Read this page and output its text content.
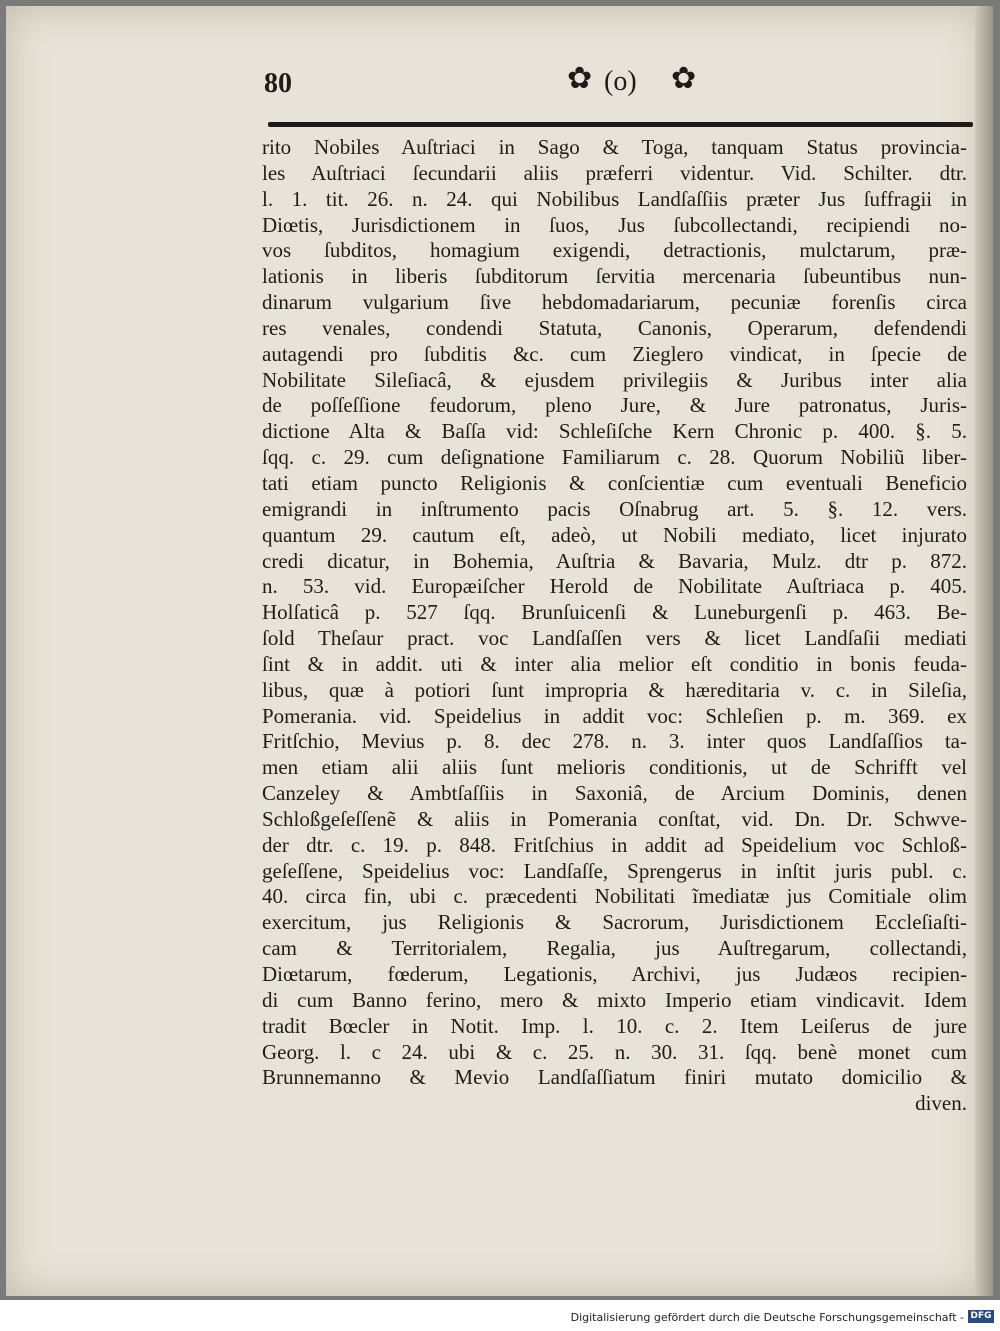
80	✿ (o) ✿
rito Nobiles Auſtriaci in Sago & Toga, tanquam Status provincia-
les Auſtriaci ſecundarii aliis præferri videntur. Vid. Schilter. dtr.
l. 1. tit. 26. n. 24. qui Nobilibus Landſaſſiis præter Jus ſuffragii in
Diœtis, Jurisdictionem in ſuos, Jus ſubcollectandi, recipiendi no-
vos ſubditos, homagium exigendi, detractionis, mulctarum, præ-
lationis in liberis ſubditorum ſervitia mercenaria ſubeuntibus nun-
dinarum vulgarium ſive hebdomadariarum, pecuniæ forenſis circa
res venales, condendi Statuta, Canonis, Operarum, defendendi
autagendi pro ſubditis &c. cum Zieglero vindicat, in ſpecie de
Nobilitate Sileſiacâ, & ejusdem privilegiis & Juribus inter alia
de poſſeſſione feudorum, pleno Jure, & Jure patronatus, Juris-
dictione Alta & Baſſa vid: Schleſiſche Kern Chronic p. 400. §. 5.
ſqq. c. 29. cum deſignatione Familiarum c. 28. Quorum Nobiliũ liber-
tati etiam puncto Religionis & conſcientiæ cum eventuali Beneficio
emigrandi in inſtrumento pacis Oſnabrug art. 5. §. 12. vers.
quantum 29. cautum eſt, adeò, ut Nobili mediato, licet injurato
credi dicatur, in Bohemia, Auſtria & Bavaria, Mulz. dtr p. 872.
n. 53. vid. Europæiſcher Herold de Nobilitate Auſtriaca p. 405.
Holſaticâ p. 527 ſqq. Brunſuicenſi & Luneburgenſi p. 463. Be-
ſold Theſaur pract. voc Landſaſſen vers & licet Landſaſii mediati
ſint & in addit. uti & inter alia melior eſt conditio in bonis feuda-
libus, quæ à potiori ſunt impropria & hæreditaria v. c. in Sileſia,
Pomerania. vid. Speidelius in addit voc: Schleſien p. m. 369. ex
Fritſchio, Mevius p. 8. dec 278. n. 3. inter quos Landſaſſios ta-
men etiam alii aliis ſunt melioris conditionis, ut de Schrifft vel
Canzeley & Ambtſaſſiis in Saxoniâ, de Arcium Dominis, denen
Schloßgeſeſſenẽ & aliis in Pomerania conſtat, vid. Dn. Dr. Schwve-
der dtr. c. 19. p. 848. Fritſchius in addit ad Speidelium voc Schloß-
geſeſſene, Speidelius voc: Landſaſſe, Sprengerus in inſtit juris publ. c.
40. circa fin, ubi c. præcedenti Nobilitati ĩmediatæ jus Comitiale olim
exercitum, jus Religionis & Sacrorum, Jurisdictionem Eccleſiaſti-
cam & Territorialem, Regalia, jus Auſtregarum, collectandi,
Diœtarum, fœderum, Legationis, Archivi, jus Judæos recipien-
di cum Banno ferino, mero & mixto Imperio etiam vindicavit. Idem
tradit Bœcler in Notit. Imp. l. 10. c. 2. Item Leiſerus de jure
Georg. l. c 24. ubi & c. 25. n. 30. 31. ſqq. benè monet cum
Brunnemanno & Mevio Landſaſſiatum finiri mutato domicilio &
diven.
Digitalisierung gefördert durch die Deutsche Forschungsgemeinschaft - DFG
